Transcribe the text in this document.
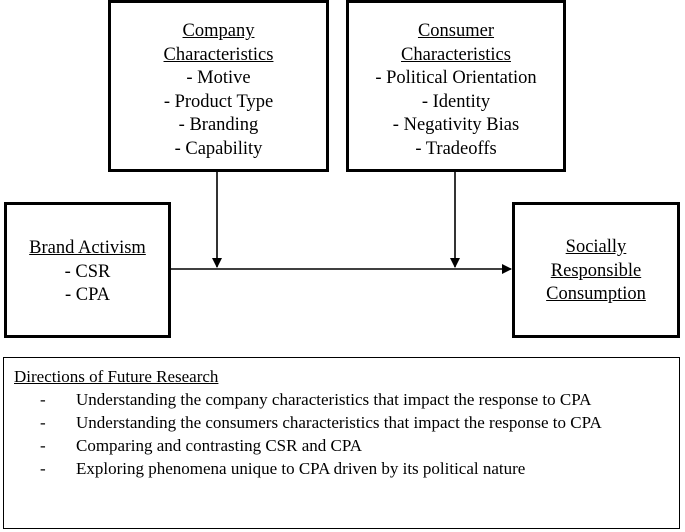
Company
Characteristics
- Motive
- Product Type
- Branding
- Capability
Consumer
Characteristics
- Political Orientation
- Identity
- Negativity Bias
- Tradeoffs
Brand Activism
- CSR
- CPA
Socially
Responsible
Consumption
Directions of Future Research
- Understanding the company characteristics that impact the response to CPA
- Understanding the consumers characteristics that impact the response to CPA
- Comparing and contrasting CSR and CPA
- Exploring phenomena unique to CPA driven by its political nature
